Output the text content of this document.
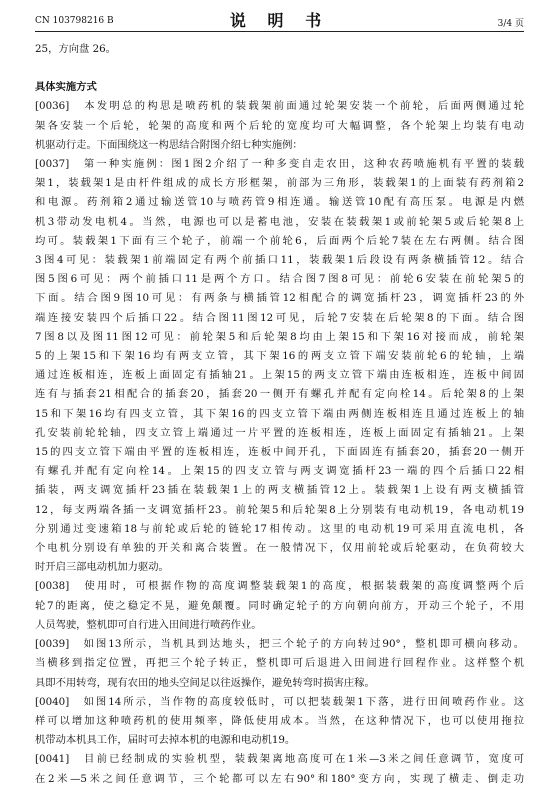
CN 103798216 B	说 明 书	3/4 页
25，方向盘 26。
具体实施方式
[0036]　本发明总的构思是喷药机的装载架前面通过轮架安装一个前轮，后面两侧通过轮
架各安装一个后轮，轮架的高度和两个后轮的宽度均可大幅调整，各个轮架上均装有电动
机驱动行走。下面围绕这一构思结合附图介绍七种实施例：
[0037]　第一种实施例：图1图2介绍了一种多变自走农田，这种农药喷施机有平置的装载
架1，装载架1是由杆件组成的成长方形框架，前部为三角形，装载架1的上面装有药剂箱2
和电源。药剂箱2通过输送管10与喷药管9相连通。输送管10配有高压泵。电源是内燃
机3带动发电机4。当然，电源也可以是蓄电池，安装在装载架1或前轮架5或后轮架8上
均可。装载架1下面有三个轮子，前端一个前轮6，后面两个后轮7装在左右两侧。结合图
3图4可见：装载架1前端固定有两个前插口11，装载架1后段设有两条横插管12。结合
图5图6可见：两个前插口11是两个方口。结合图7图8可见：前轮6安装在前轮架5的
下面。结合图9图10可见：有两条与横插管12相配合的调宽插杆23，调宽插杆23的外
端连接安装四个后插口22。结合图11图12可见，后轮7安装在后轮架8的下面。结合图
7图8以及图11图12可见：前轮架5和后轮架8均由上架15和下架16对接而成，前轮架
5的上架15和下架16均有两支立管，其下架16的两支立管下端安装前轮6的轮轴，上端
通过连板相连，连板上面固定有插轴21。上架15的两支立管下端由连板相连，连板中间固
连有与插套21相配合的插套20，插套20一侧开有螺孔并配有定向栓14。后轮架8的上架
15和下架16均有四支立管，其下架16的四支立管下端由两侧连板相连且通过连板上的轴
孔安装前轮轮轴，四支立管上端通过一片平置的连板相连，连板上面固定有插轴21。上架
15的四支立管下端由平置的连板相连，连板中间开孔，下面固连有插套20，插套20一侧开
有螺孔并配有定向栓14。上架15的四支立管与两支调宽插杆23一端的四个后插口22相
插装，两支调宽插杆23插在装载架1上的两支横插管12上。装载架1上设有两支横插管
12，每支两端各插一支调宽插杆23。前轮架5和后轮架8上分别装有电动机19，各电动机19
分别通过变速箱18与前轮或后轮的链轮17相传动。这里的电动机19可采用直流电机，各
个电机分别设有单独的开关和离合装置。在一般情况下，仅用前轮或后轮驱动，在负荷较大
时开启三部电动机加力驱动。
[0038]　使用时，可根据作物的高度调整装载架1的高度，根据装载架的高度调整两个后
轮7的距离，使之稳定不晃，避免颠覆。同时确定轮子的方向朝向前方，开动三个轮子，不用
人员驾驶，整机即可自行进入田间进行喷药作业。
[0039]　如图13所示，当机具到达地头，把三个轮子的方向转过90°，整机即可横向移动。
当横移到指定位置，再把三个轮子转正，整机即可后退进入田间进行回程作业。这样整个机
具即不用转弯，现有农田的地头空间足以往返操作，避免转弯时损害庄稼。
[0040]　如图14所示，当作物的高度较低时，可以把装载架1下落，进行田间喷药作业。这
样可以增加这种喷药机的使用频率，降低使用成本。当然，在这种情况下，也可以使用拖拉
机带动本机具工作，届时可去掉本机的电源和电动机19。
[0041]　目前已经制成的实验机型，装载架离地高度可在1米—3米之间任意调节，宽度可
在2米—5米之间任意调节，三个轮都可以左右90°和180°变方向，实现了横走、倒走功
